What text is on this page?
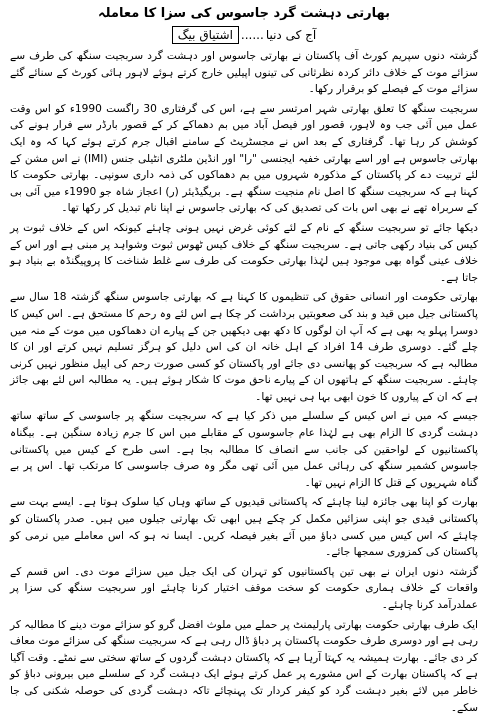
بھارتی دہشت گرد جاسوس کی سزا کا معاملہ
آج کی دنیا......اشتیاق بیگ

گزشتہ دنوں سپریم کورٹ آف پاکستان نے بھارتی جاسوس اور دہشت گرد سربجیت سنگھ کی طرف سے سزائے موت کے خلاف دائر کردہ نظرثانی کی تینوں اپیلیں خارج کرتے ہوئے لاہور ہائی کورٹ کے سنائے گئے سزائے موت کے فیصلے کو برقرار رکھا۔

سربجیت سنگھ کا تعلق بھارتی شہر امرتسر سے ہے، اس کی گرفتاری 30 راگست 1990ء کو اس وقت عمل میں آئی جب وہ لاہور، قصور اور فیصل آباد میں بم دھماکے کر کے قصور بارڈر سے فرار ہونے کی کوشش کر رہا تھا۔ گرفتاری کے بعد اس نے مجسٹریٹ کے سامنے اقبال جرم کرتے ہوئے کہا کہ وہ ایک بھارتی جاسوس ہے اور اسے بھارتی خفیہ ایجنسی "را" اور انڈین ملٹری انٹیلی جنس (IMI) نے اس مشن کے لئے تربیت دے کر پاکستان کے مذکورہ شہروں میں بم دھماکوں کی ذمہ داری سونپی۔ بھارتی حکومت کا کہنا ہے کہ سربجیت سنگھ کا اصل نام منجیت سنگھ ہے۔ بریگیڈیئر (ر) اعجاز شاہ جو 1990ء میں آئی بی کے سربراہ تھے نے بھی اس بات کی تصدیق کی کہ بھارتی جاسوس نے اپنا نام تبدیل کر رکھا تھا۔

دیکھا جائے تو سربجیت سنگھ کے نام کے لئے کوئی غرض نہیں ہونی چاہئے کیونکہ اس کے خلاف ثبوت پر کیس کی بنیاد رکھی جاتی ہے۔ سربجیت سنگھ کے خلاف کیس ٹھوس ثبوت وشواہد پر مبنی ہے اور اس کے خلاف عینی گواہ بھی موجود ہیں لہٰذا بھارتی حکومت کی طرف سے غلط شناخت کا پروپیگنڈہ بے بنیاد ہو جاتا ہے۔

بھارتی حکومت اور انسانی حقوق کی تنظیموں کا کہنا ہے کہ بھارتی جاسوس سنگھ گزشتہ 18 سال سے پاکستانی جیل میں قید و بند کی صعوبتیں برداشت کر چکا ہے اس لئے وہ رحم کا مستحق ہے۔ اس کیس کا دوسرا پہلو یہ بھی ہے کہ آپ ان لوگوں کا دکھ بھی دیکھیں جن کے پیارے ان دھماکوں میں موت کے منہ میں چلے گئے۔ دوسری طرف 14 افراد کے اہل خانہ ان کی اس دلیل کو ہرگز تسلیم نہیں کرتے اور ان کا مطالبہ ہے کہ سربجیت کو پھانسی دی جائے اور پاکستان کو کسی صورت رحم کی اپیل منظور نہیں کرنی چاہئے۔ سربجیت سنگھ کے ہاتھوں ان کے پیارے ناحق موت کا شکار ہوئے ہیں۔ یہ مطالبہ اس لئے بھی جائز ہے کہ ان کے پیاروں کا خون ابھی بہا ہی نہیں تھا۔

جیسے کہ میں نے اس کیس کے سلسلے میں ذکر کیا ہے کہ سربجیت سنگھ پر جاسوسی کے ساتھ ساتھ دہشت گردی کا الزام بھی ہے لہٰذا عام جاسوسوں کے مقابلے میں اس کا جرم زیادہ سنگین ہے۔ بیگناہ پاکستانیوں کے لواحقین کی جانب سے انصاف کا مطالبہ بجا ہے۔ اسی طرح کے کیس میں پاکستانی جاسوس کشمیر سنگھ کی رہائی عمل میں آئی تھی مگر وہ صرف جاسوسی کا مرتکب تھا۔ اس پر بے گناہ شہریوں کے قتل کا الزام نہیں تھا۔

بھارت کو اپنا بھی جائزہ لینا چاہئے کہ پاکستانی قیدیوں کے ساتھ وہاں کیا سلوک ہوتا ہے۔ ایسے بہت سے پاکستانی قیدی جو اپنی سزائیں مکمل کر چکے ہیں ابھی تک بھارتی جیلوں میں ہیں۔ صدر پاکستان کو چاہئے کہ اس کیس میں کسی دباؤ میں آئے بغیر فیصلہ کریں۔ ایسا نہ ہو کہ اس معاملے میں نرمی کو پاکستان کی کمزوری سمجھا جائے۔

گزشتہ دنوں ایران نے بھی تین پاکستانیوں کو تہران کی ایک جیل میں سزائے موت دی۔ اس قسم کے واقعات کے خلاف ہماری حکومت کو سخت موقف اختیار کرنا چاہئے اور سربجیت سنگھ کی سزا پر عملدرآمد کرنا چاہئے۔

ایک طرف بھارتی حکومت بھارتی پارلیمنٹ پر حملے میں ملوث افضل گرو کو سزائے موت دینے کا مطالبہ کر رہی ہے اور دوسری طرف حکومت پاکستان پر دباؤ ڈال رہی ہے کہ سربجیت سنگھ کی سزائے موت معاف کر دی جائے۔ بھارت ہمیشہ یہ کہتا آرہا ہے کہ پاکستان دہشت گردوں کے ساتھ سختی سے نمٹے۔ وقت آگیا ہے کہ پاکستان بھارت کے اس مشورے پر عمل کرتے ہوئے ایک دہشت گرد کے سلسلے میں بیرونی دباؤ کو خاطر میں لائے بغیر دہشت گرد کو کیفر کردار تک پہنچائے تاکہ دہشت گردی کی حوصلہ شکنی کی جا سکے۔
